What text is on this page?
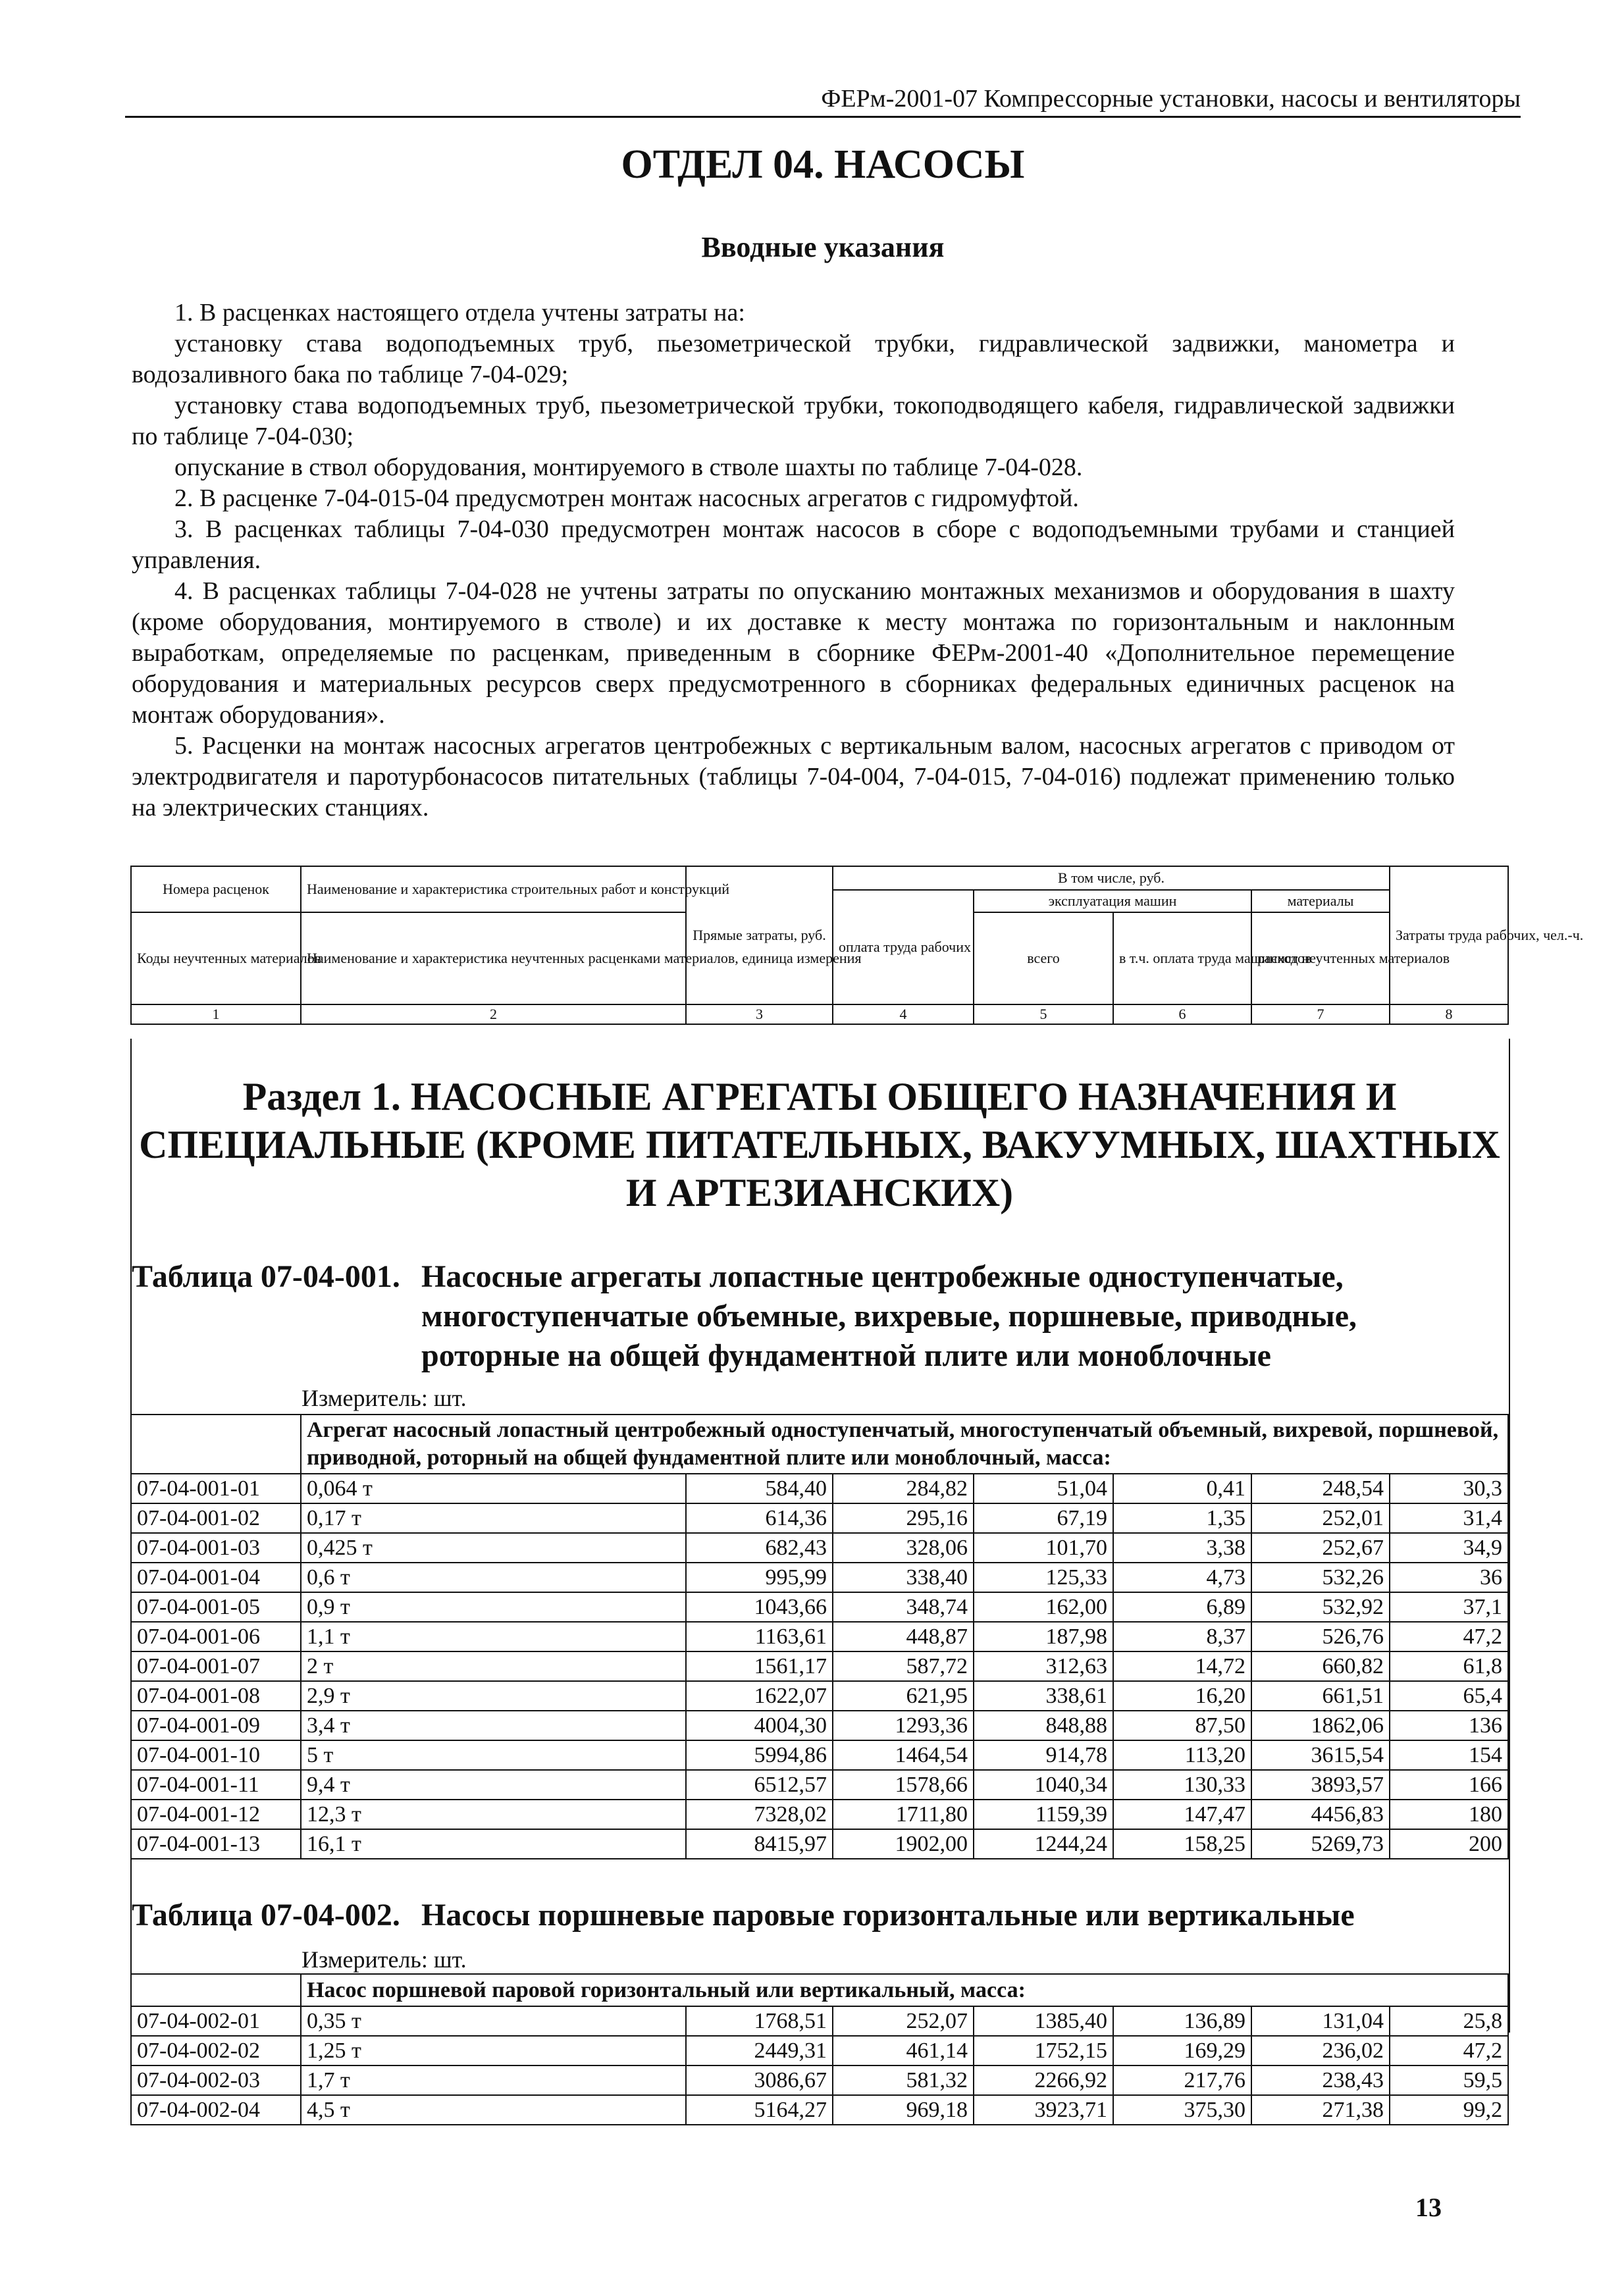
ФЕРм-2001-07 Компрессорные установки, насосы и вентиляторы
ОТДЕЛ 04. НАСОСЫ
Вводные указания

1. В расценках настоящего отдела учтены затраты на:

установку става водоподъемных труб, пьезометрической трубки, гидравлической задвижки, манометра и водозаливного бака по таблице 7-04-029;

установку става водоподъемных труб, пьезометрической трубки, токоподводящего кабеля, гидравлической задвижки по таблице 7-04-030;

опускание в ствол оборудования, монтируемого в стволе шахты по таблице 7-04-028.

2. В расценке 7-04-015-04 предусмотрен монтаж насосных агрегатов с гидромуфтой.

3. В расценках таблицы 7-04-030 предусмотрен монтаж насосов в сборе с водоподъемными трубами и станцией управления.

4. В расценках таблицы 7-04-028 не учтены затраты по опусканию монтажных механизмов и оборудования в шахту (кроме оборудования, монтируемого в стволе) и их доставке к месту монтажа по горизонтальным и наклонным выработкам, определяемые по расценкам, приведенным в сборнике ФЕРм-2001-40 «Дополнительное перемещение оборудования и материальных ресурсов сверх предусмотренного в сборниках федеральных единичных расценок на монтаж оборудования».

5. Расценки на монтаж насосных агрегатов центробежных с вертикальным валом, насосных агрегатов с приводом от электродвигателя и паротурбонасосов питательных (таблицы 7-04-004, 7-04-015, 7-04-016) подлежат применению только на электрических станциях.

Номера расценок	Наименование и характеристика строительных работ и конструкций	Прямые затраты, руб.	В том числе, руб.				Затраты труда рабочих, чел.-ч.
			оплата труда рабочих	эксплуатация машин		материалы	
Коды неучтенных материалов	Наименование и характеристика неучтенных расценками материалов, единица измерения			всего	в т.ч. оплата труда машинистов	расход неучтенных материалов	

1	2	3	4	5	6	7	8
Раздел 1. НАСОСНЫЕ АГРЕГАТЫ ОБЩЕГО НАЗНАЧЕНИЯ И СПЕЦИАЛЬНЫЕ (КРОМЕ ПИТАТЕЛЬНЫХ, ВАКУУМНЫХ, ШАХТНЫХ И АРТЕЗИАНСКИХ)
Таблица 07-04-001. Насосные агрегаты лопастные центробежные одноступенчатые, многоступенчатые объемные, вихревые, поршневые, приводные, роторные на общей фундаментной плите или моноблочные
Измеритель: шт.
	Агрегат насосный лопастный центробежный одноступенчатый, многоступенчатый объемный, вихревой, поршневой, приводной, роторный на общей фундаментной плите или моноблочный, масса:						
07-04-001-01	0,064 т	584,40	284,82	51,04	0,41	248,54	30,3
07-04-001-02	0,17 т	614,36	295,16	67,19	1,35	252,01	31,4
07-04-001-03	0,425 т	682,43	328,06	101,70	3,38	252,67	34,9
07-04-001-04	0,6 т	995,99	338,40	125,33	4,73	532,26	36
07-04-001-05	0,9 т	1043,66	348,74	162,00	6,89	532,92	37,1
07-04-001-06	1,1 т	1163,61	448,87	187,98	8,37	526,76	47,2
07-04-001-07	2 т	1561,17	587,72	312,63	14,72	660,82	61,8
07-04-001-08	2,9 т	1622,07	621,95	338,61	16,20	661,51	65,4
07-04-001-09	3,4 т	4004,30	1293,36	848,88	87,50	1862,06	136
07-04-001-10	5 т	5994,86	1464,54	914,78	113,20	3615,54	154
07-04-001-11	9,4 т	6512,57	1578,66	1040,34	130,33	3893,57	166
07-04-001-12	12,3 т	7328,02	1711,80	1159,39	147,47	4456,83	180
07-04-001-13	16,1 т	8415,97	1902,00	1244,24	158,25	5269,73	200
Таблица 07-04-002. Насосы поршневые паровые горизонтальные или вертикальные
Измеритель: шт.
	Насос поршневой паровой горизонтальный или вертикальный, масса:						
07-04-002-01	0,35 т	1768,51	252,07	1385,40	136,89	131,04	25,8
07-04-002-02	1,25 т	2449,31	461,14	1752,15	169,29	236,02	47,2
07-04-002-03	1,7 т	3086,67	581,32	2266,92	217,76	238,43	59,5
07-04-002-04	4,5 т	5164,27	969,18	3923,71	375,30	271,38	99,2
13
